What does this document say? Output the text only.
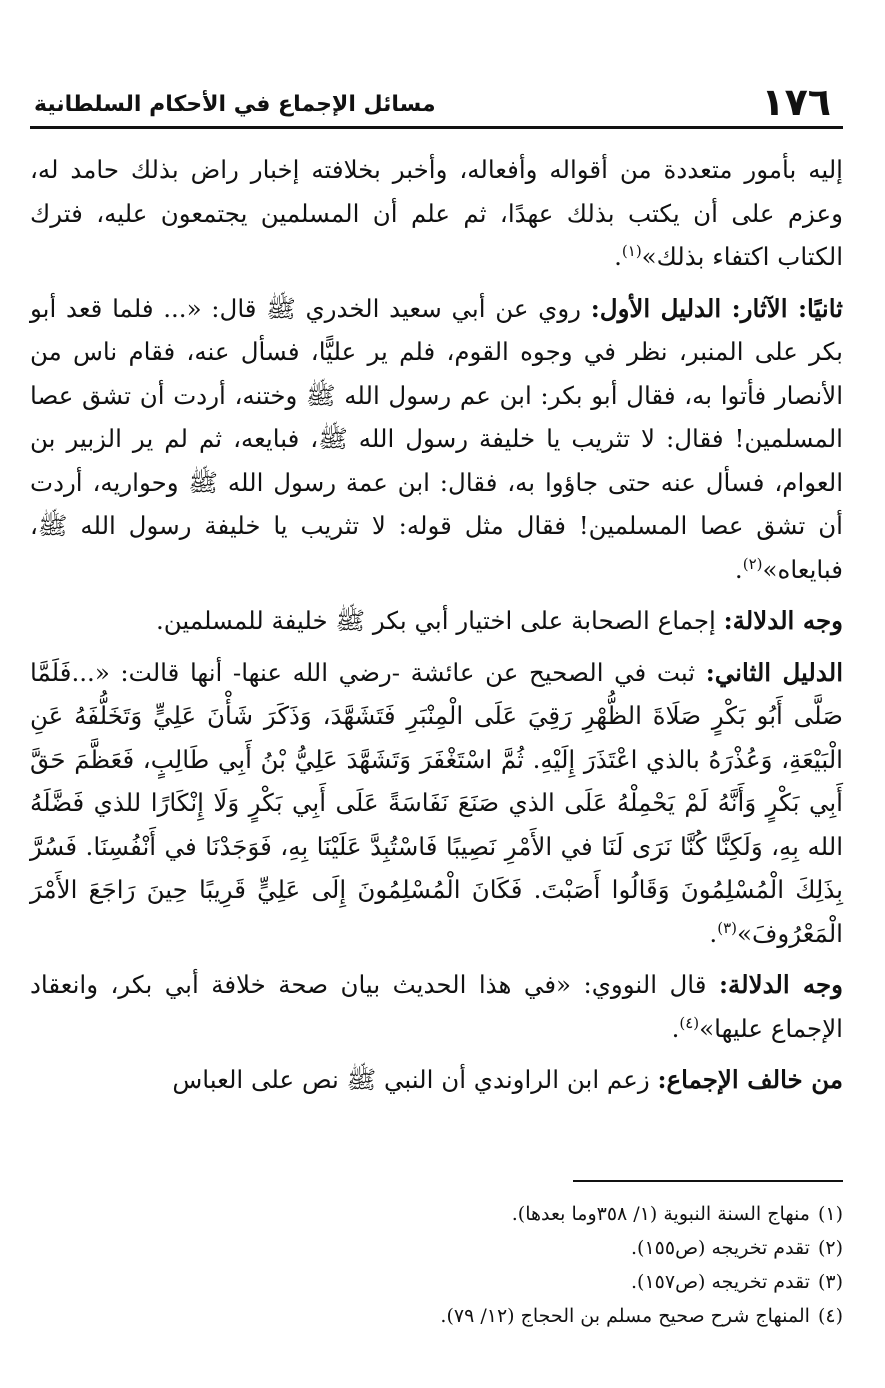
١٧٦
مسائل الإجماع في الأحكام السلطانية

إليه بأمور متعددة من أقواله وأفعاله، وأخبر بخلافته إخبار راض بذلك حامد له، وعزم على أن يكتب بذلك عهدًا، ثم علم أن المسلمين يجتمعون عليه، فترك الكتاب اكتفاء بذلك»$^{(١)}$.

ثانيًا: الآثار: الدليل الأول: روي عن أبي سعيد الخدري ﷺ قال: «... فلما قعد أبو بكر على المنبر، نظر في وجوه القوم، فلم ير عليًّا، فسأل عنه، فقام ناس من الأنصار فأتوا به، فقال أبو بكر: ابن عم رسول الله ﷺ وختنه، أردت أن تشق عصا المسلمين! فقال: لا تثريب يا خليفة رسول الله ﷺ، فبايعه، ثم لم ير الزبير بن العوام، فسأل عنه حتى جاؤوا به، فقال: ابن عمة رسول الله ﷺ وحواريه، أردت أن تشق عصا المسلمين! فقال مثل قوله: لا تثريب يا خليفة رسول الله ﷺ، فبايعاه»$^{(٢)}$.

وجه الدلالة: إجماع الصحابة على اختيار أبي بكر ﷺ خليفة للمسلمين.

الدليل الثاني: ثبت في الصحيح عن عائشة -رضي الله عنها- أنها قالت: «...فَلَمَّا صَلَّى أَبُو بَكْرٍ صَلَاةَ الظُّهْرِ رَقِيَ عَلَى الْمِنْبَرِ فَتَشَهَّدَ، وَذَكَرَ شَأْنَ عَلِيٍّ وَتَخَلُّفَهُ عَنِ الْبَيْعَةِ، وَعُذْرَهُ بالذي اعْتَذَرَ إِلَيْهِ. ثُمَّ اسْتَغْفَرَ وَتَشَهَّدَ عَلِيُّ بْنُ أَبِي طَالِبٍ، فَعَظَّمَ حَقَّ أَبِي بَكْرٍ وَأَنَّهُ لَمْ يَحْمِلْهُ عَلَى الذي صَنَعَ نَفَاسَةً عَلَى أَبِي بَكْرٍ وَلَا إِنْكَارًا للذي فَضَّلَهُ الله بِهِ، وَلَكِنَّا كُنَّا نَرَى لَنَا في الأَمْرِ نَصِيبًا فَاسْتُبِدَّ عَلَيْنَا بِهِ، فَوَجَدْنَا في أَنْفُسِنَا. فَسُرَّ بِذَلِكَ الْمُسْلِمُونَ وَقَالُوا أَصَبْتَ. فَكَانَ الْمُسْلِمُونَ إِلَى عَلِيٍّ قَرِيبًا حِينَ رَاجَعَ الأَمْرَ الْمَعْرُوفَ»$^{(٣)}$.

وجه الدلالة: قال النووي: «في هذا الحديث بيان صحة خلافة أبي بكر، وانعقاد الإجماع عليها»$^{(٤)}$.

من خالف الإجماع: زعم ابن الراوندي أن النبي ﷺ نص على العباس

(١)منهاج السنة النبوية (١/ ٣٥٨وما بعدها).

(٢)تقدم تخريجه (ص١٥٥).

(٣)تقدم تخريجه (ص١٥٧).

(٤)المنهاج شرح صحيح مسلم بن الحجاج (١٢/ ٧٩).
